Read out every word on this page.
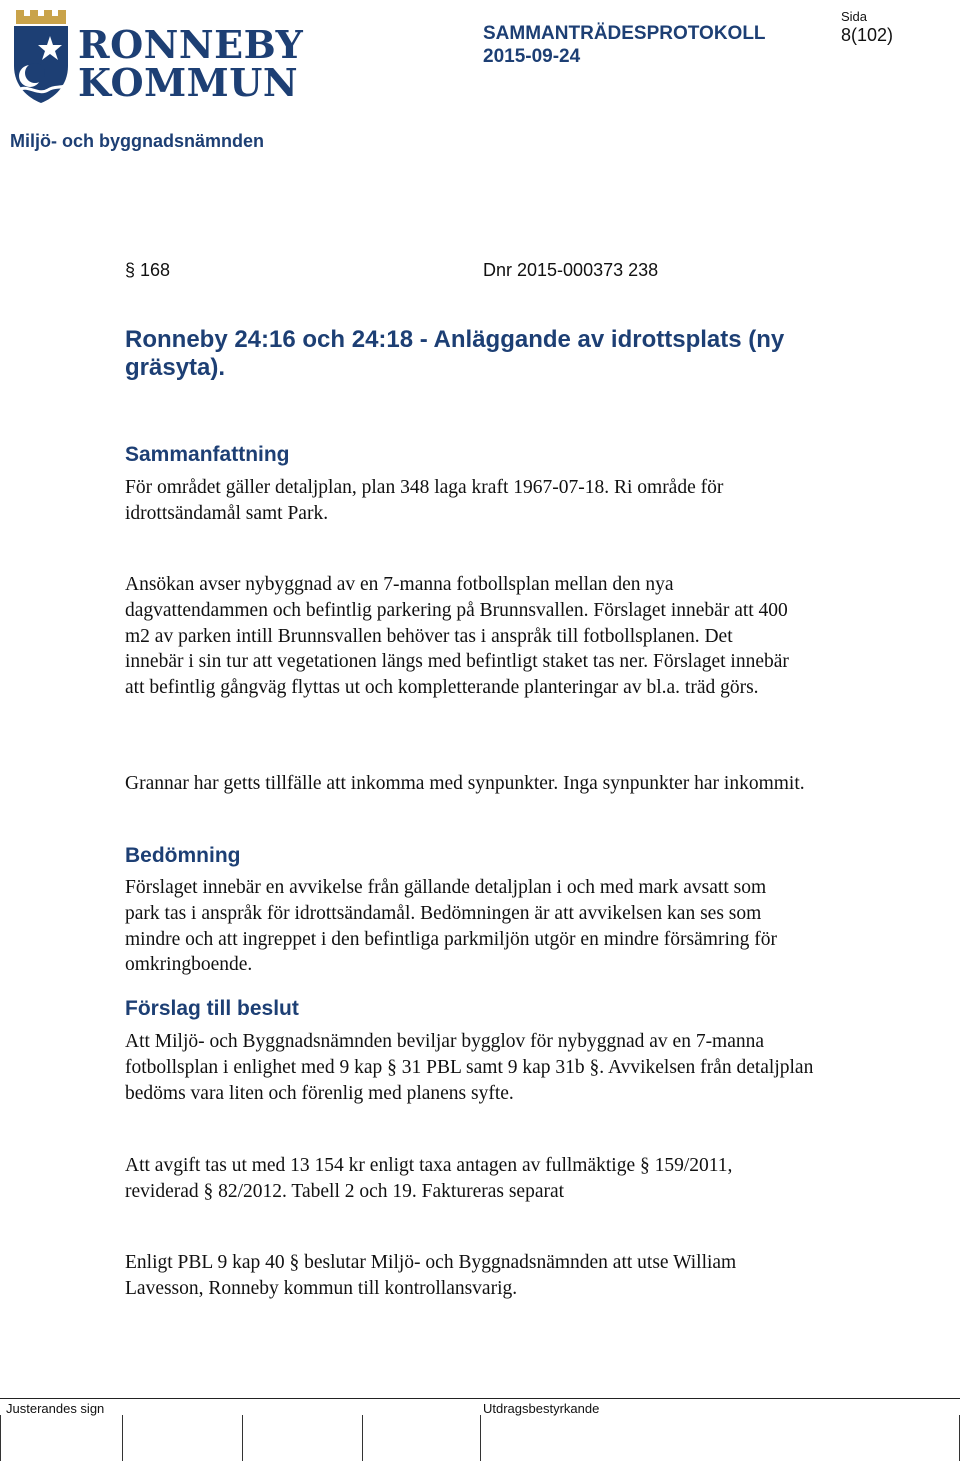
RONNEBY
KOMMUN
SAMMANTRÄDESPROTOKOLL
2015-09-24
Sida
8(102)
Miljö- och byggnadsnämnden
§ 168	Dnr 2015-000373 238
Ronneby 24:16 och 24:18 - Anläggande av idrottsplats (ny gräsyta).
Sammanfattning

För området gäller detaljplan, plan 348 laga kraft 1967-07-18. Ri område för idrottsändamål samt Park.

Ansökan avser nybyggnad av en 7-manna fotbollsplan mellan den nya dagvattendammen och befintlig parkering på Brunnsvallen. Förslaget innebär att 400 m2 av parken intill Brunnsvallen behöver tas i anspråk till fotbollsplanen. Det innebär i sin tur att vegetationen längs med befintligt staket tas ner. Förslaget innebär att befintlig gångväg flyttas ut och kompletterande planteringar av bl.a. träd görs.

Grannar har getts tillfälle att inkomma med synpunkter. Inga synpunkter har inkommit.

Bedömning

Förslaget innebär en avvikelse från gällande detaljplan i och med mark avsatt som park tas i anspråk för idrottsändamål. Bedömningen är att avvikelsen kan ses som mindre och att ingreppet i den befintliga parkmiljön utgör en mindre försämring för omkringboende.

Förslag till beslut

Att Miljö- och Byggnadsnämnden beviljar bygglov för nybyggnad av en 7-manna fotbollsplan i enlighet med 9 kap § 31 PBL samt 9 kap 31b §. Avvikelsen från detaljplan bedöms vara liten och förenlig med planens syfte.

Att avgift tas ut med 13 154 kr enligt taxa antagen av fullmäktige § 159/2011, reviderad § 82/2012. Tabell 2 och 19. Faktureras separat

Enligt PBL 9 kap 40 § beslutar Miljö- och Byggnadsnämnden att utse William Lavesson, Ronneby kommun till kontrollansvarig.

Justerandes sign	Utdragsbestyrkande
